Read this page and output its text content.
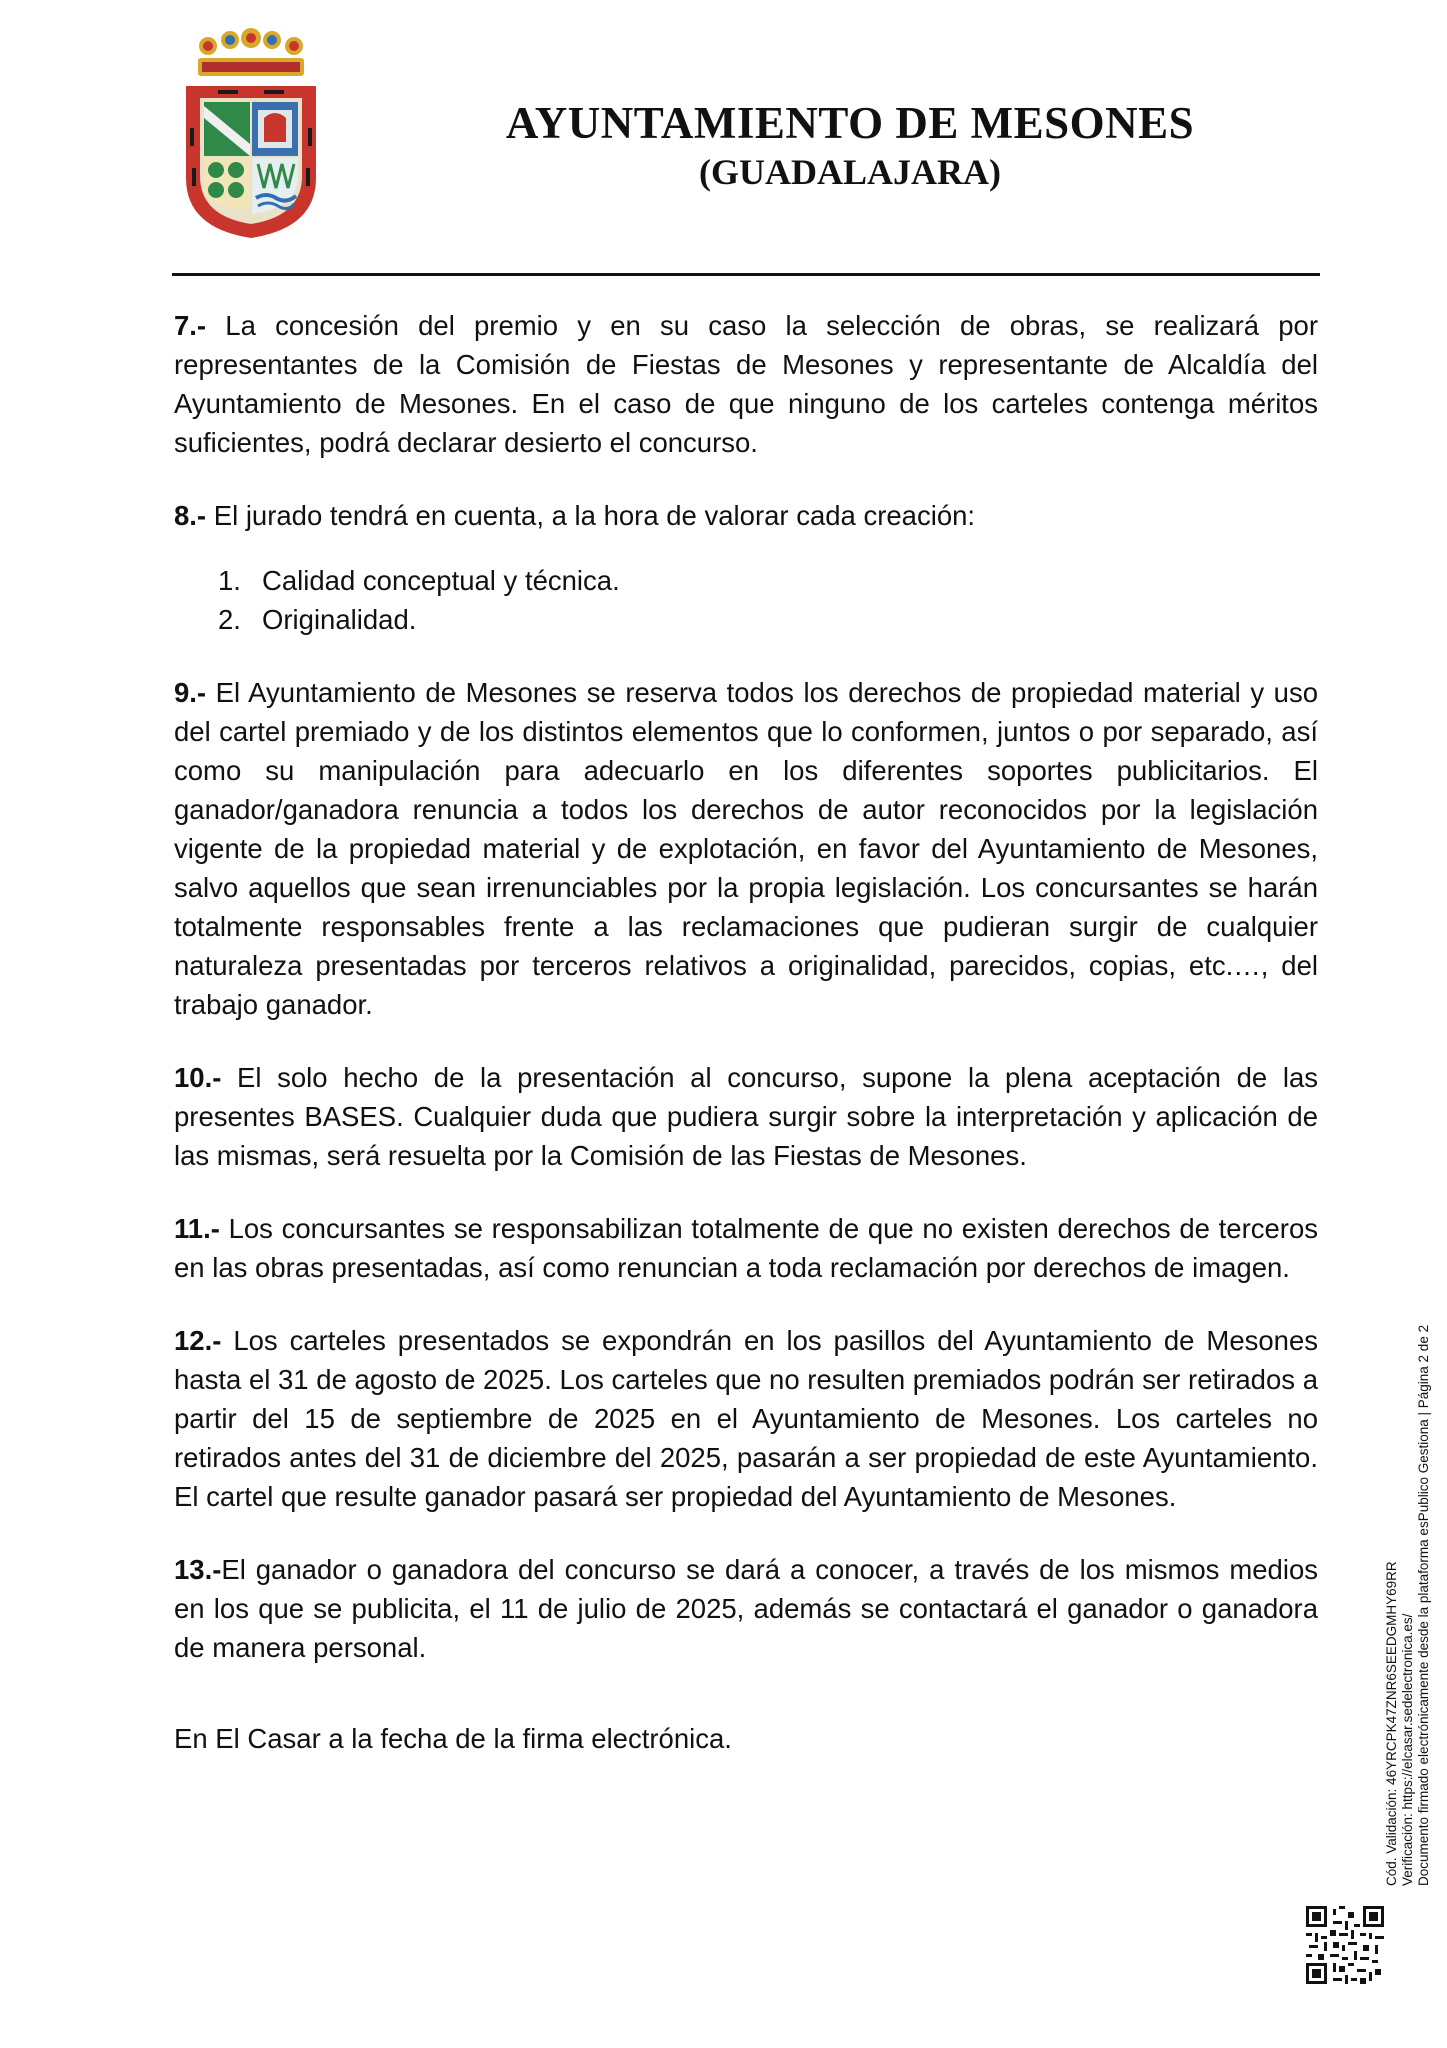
AYUNTAMIENTO DE MESONES
(GUADALAJARA)

7.- La concesión del premio y en su caso la selección de obras, se realizará por representantes de la Comisión de Fiestas de Mesones y representante de Alcaldía del Ayuntamiento de Mesones. En el caso de que ninguno de los carteles contenga méritos suficientes, podrá declarar desierto el concurso.

8.- El jurado tendrá en cuenta, a la hora de valorar cada creación:

1. Calidad conceptual y técnica.
2. Originalidad.

9.- El Ayuntamiento de Mesones se reserva todos los derechos de propiedad material y uso del cartel premiado y de los distintos elementos que lo conformen, juntos o por separado, así como su manipulación para adecuarlo en los diferentes soportes publicitarios. El ganador/ganadora renuncia a todos los derechos de autor reconocidos por la legislación vigente de la propiedad material y de explotación, en favor del Ayuntamiento de Mesones, salvo aquellos que sean irrenunciables por la propia legislación. Los concursantes se harán totalmente responsables frente a las reclamaciones que pudieran surgir de cualquier naturaleza presentadas por terceros relativos a originalidad, parecidos, copias, etc.…, del trabajo ganador.

10.- El solo hecho de la presentación al concurso, supone la plena aceptación de las presentes BASES. Cualquier duda que pudiera surgir sobre la interpretación y aplicación de las mismas, será resuelta por la Comisión de las Fiestas de Mesones.

11.- Los concursantes se responsabilizan totalmente de que no existen derechos de terceros en las obras presentadas, así como renuncian a toda reclamación por derechos de imagen.

12.- Los carteles presentados se expondrán en los pasillos del Ayuntamiento de Mesones hasta el 31 de agosto de 2025. Los carteles que no resulten premiados podrán ser retirados a partir del 15 de septiembre de 2025 en el Ayuntamiento de Mesones. Los carteles no retirados antes del 31 de diciembre del 2025, pasarán a ser propiedad de este Ayuntamiento. El cartel que resulte ganador pasará ser propiedad del Ayuntamiento de Mesones.

13.-El ganador o ganadora del concurso se dará a conocer, a través de los mismos medios en los que se publicita, el 11 de julio de 2025, además se contactará el ganador o ganadora de manera personal.

En El Casar a la fecha de la firma electrónica.	Cód. Validación: 46YRCPK47ZNR6SEEDGMHY69RR Verificación: https://elcasar.sedelectronica.es/ Documento firmado electrónicamente desde la plataforma esPublico Gestiona | Página 2 de 2
